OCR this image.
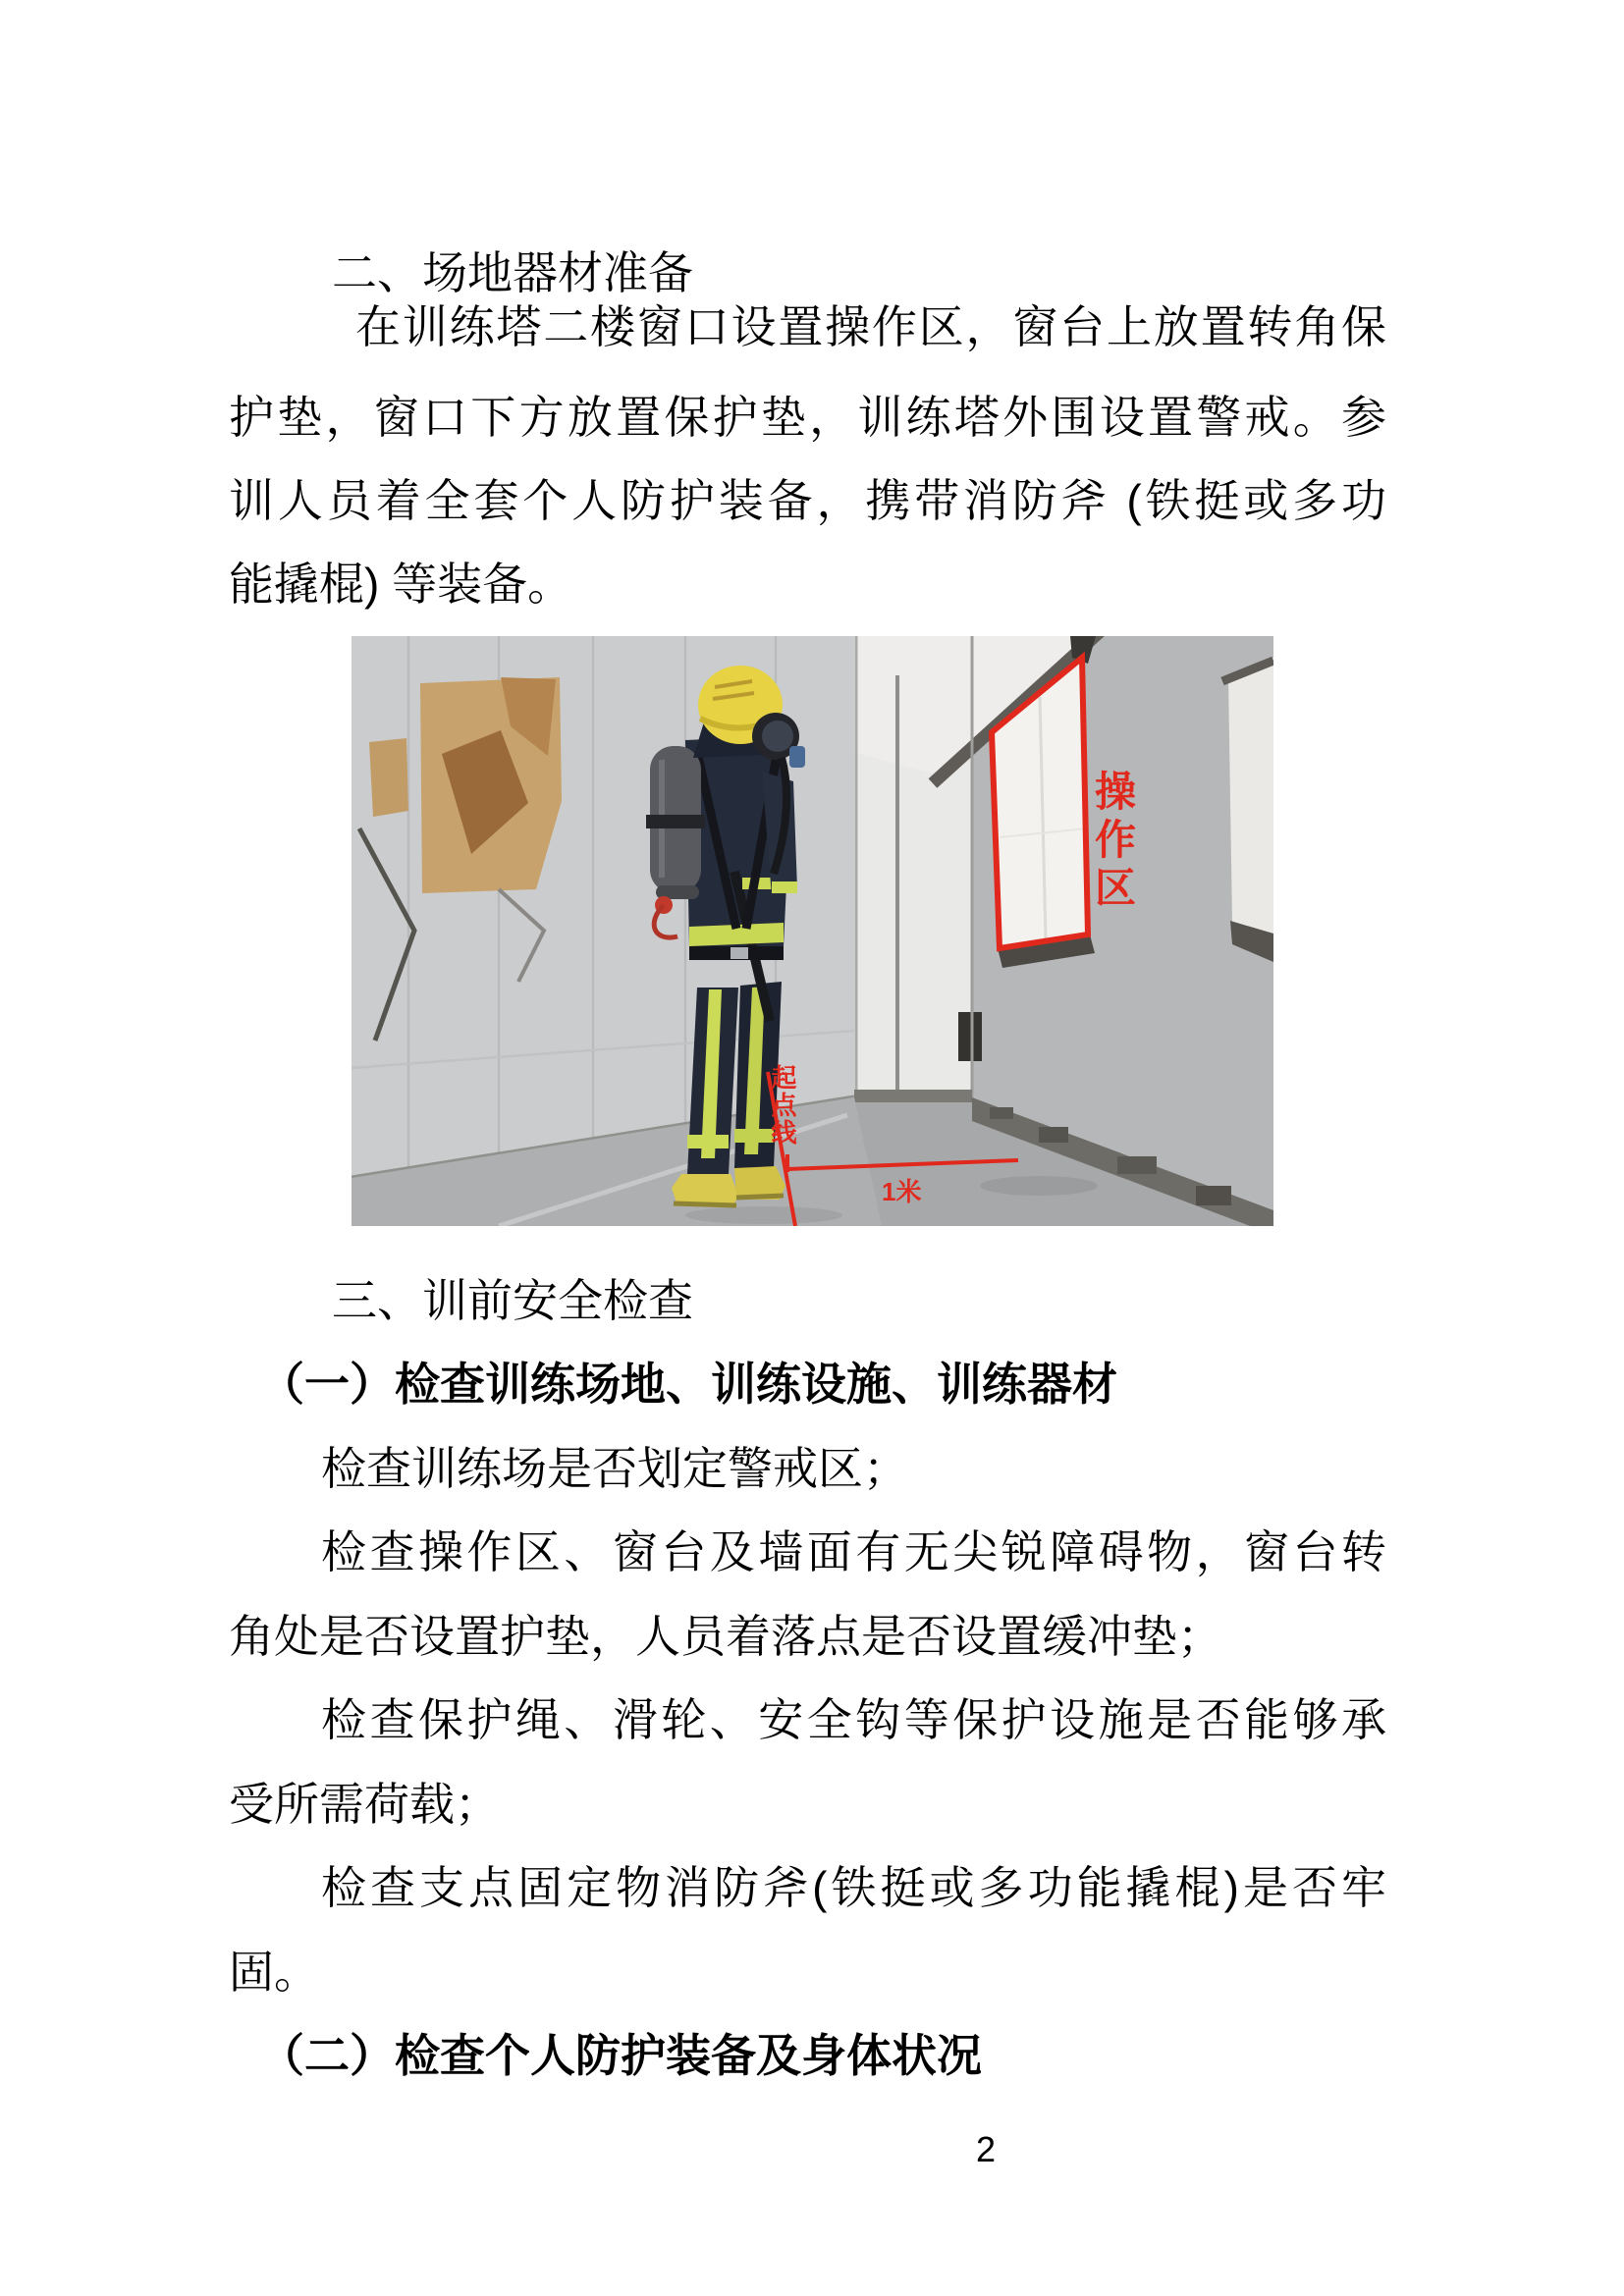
二、场地器材准备
在训练塔二楼窗口设置操作区，窗台上放置转角保
护垫，窗口下方放置保护垫，训练塔外围设置警戒。参
训人员着全套个人防护装备，携带消防斧 (铁挺或多功
能撬棍) 等装备。
操作区
起点线
1米
三、训前安全检查
（一）检查训练场地、训练设施、训练器材
检查训练场是否划定警戒区；
检查操作区、窗台及墙面有无尖锐障碍物，窗台转
角处是否设置护垫，人员着落点是否设置缓冲垫；
检查保护绳、滑轮、安全钩等保护设施是否能够承
受所需荷载；
检查支点固定物消防斧(铁挺或多功能撬棍)是否牢
固。
（二）检查个人防护装备及身体状况
2
